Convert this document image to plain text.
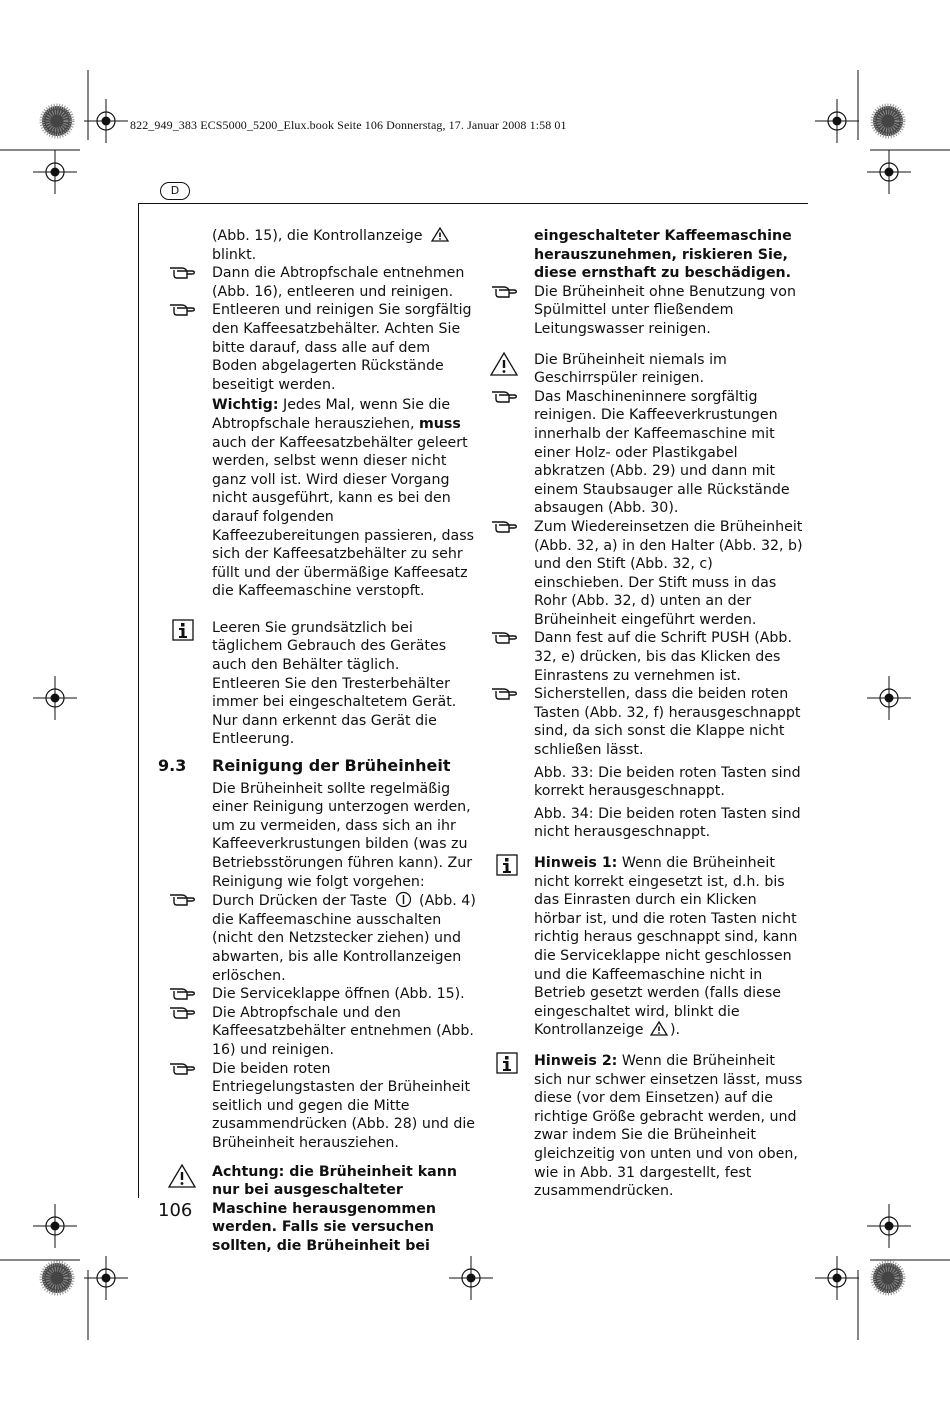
822_949_383 ECS5000_5200_Elux.book Seite 106 Donnerstag, 17. Januar 2008 1:58 01
D

(Abb. 15), die Kontrollanzeige
blinkt.

Dann die Abtropfschale entnehmen (Abb. 16), entleeren und reinigen.

Entleeren und reinigen Sie sorgfältig den Kaffeesatzbehälter. Achten Sie bitte darauf, dass alle auf dem Boden abgelagerten Rückstände beseitigt werden.

Wichtig: Jedes Mal, wenn Sie die Abtropfschale herausziehen, muss auch der Kaffeesatzbehälter geleert werden, selbst wenn dieser nicht ganz voll ist. Wird dieser Vorgang nicht ausgeführt, kann es bei den darauf folgenden Kaffeezubereitungen passieren, dass sich der Kaffeesatzbehälter zu sehr füllt und der übermäßige Kaffeesatz die Kaffeemaschine verstopft.

Leeren Sie grundsätzlich bei täglichem Gebrauch des Gerätes auch den Behälter täglich.
Entleeren Sie den Tresterbehälter immer bei eingeschaltetem Gerät. Nur dann erkennt das Gerät die Entleerung.

9.3 Reinigung der Brüheinheit

Die Brüheinheit sollte regelmäßig einer Reinigung unterzogen werden, um zu vermeiden, dass sich an ihr Kaffeeverkrustungen bilden (was zu Betriebsstörungen führen kann). Zur Reinigung wie folgt vorgehen:

Durch Drücken der Taste (Abb. 4) die Kaffeemaschine ausschalten (nicht den Netzstecker ziehen) und abwarten, bis alle Kontrollanzeigen erlöschen.

Die Serviceklappe öffnen (Abb. 15).

Die Abtropfschale und den Kaffeesatzbehälter entnehmen (Abb. 16) und reinigen.

Die beiden roten Entriegelungstasten der Brüheinheit seitlich und gegen die Mitte zusammendrücken (Abb. 28) und die Brüheinheit herausziehen.

Achtung: die Brüheinheit kann nur bei ausgeschalteter Maschine herausgenommen werden. Falls sie versuchen sollten, die Brüheinheit bei

eingeschalteter Kaffeemaschine herauszunehmen, riskieren Sie, diese ernsthaft zu beschädigen.

Die Brüheinheit ohne Benutzung von Spülmittel unter fließendem Leitungswasser reinigen.

Die Brüheinheit niemals im Geschirrspüler reinigen.

Das Maschineninnere sorgfältig reinigen. Die Kaffeeverkrustungen innerhalb der Kaffeemaschine mit einer Holz- oder Plastikgabel abkratzen (Abb. 29) und dann mit einem Staubsauger alle Rückstände absaugen (Abb. 30).

Zum Wiedereinsetzen die Brüheinheit (Abb. 32, a) in den Halter (Abb. 32, b) und den Stift (Abb. 32, c) einschieben. Der Stift muss in das Rohr (Abb. 32, d) unten an der Brüheinheit eingeführt werden.

Dann fest auf die Schrift PUSH (Abb. 32, e) drücken, bis das Klicken des Einrastens zu vernehmen ist.

Sicherstellen, dass die beiden roten Tasten (Abb. 32, f) herausgeschnappt sind, da sich sonst die Klappe nicht schließen lässt.

Abb. 33: Die beiden roten Tasten sind korrekt herausgeschnappt.

Abb. 34: Die beiden roten Tasten sind nicht herausgeschnappt.

Hinweis 1: Wenn die Brüheinheit nicht korrekt eingesetzt ist, d.h. bis das Einrasten durch ein Klicken hörbar ist, und die roten Tasten nicht richtig heraus geschnappt sind, kann die Serviceklappe nicht geschlossen und die Kaffeemaschine nicht in Betrieb gesetzt werden (falls diese eingeschaltet wird, blinkt die Kontrollanzeige ).

Hinweis 2: Wenn die Brüheinheit sich nur schwer einsetzen lässt, muss diese (vor dem Einsetzen) auf die richtige Größe gebracht werden, und zwar indem Sie die Brüheinheit gleichzeitig von unten und von oben, wie in Abb. 31 dargestellt, fest zusammendrücken.

106
